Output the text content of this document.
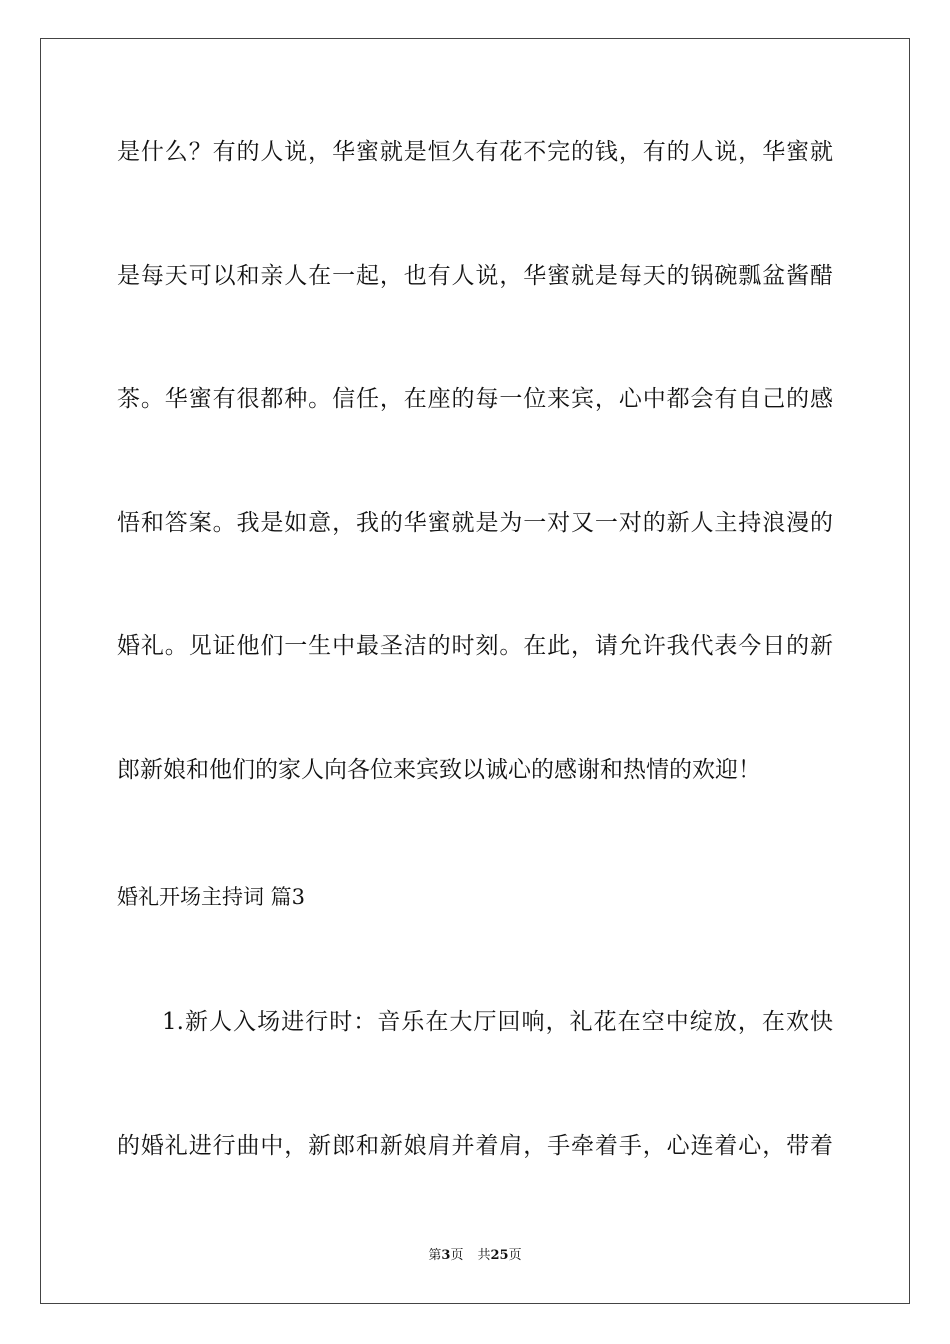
是什么？有的人说，华蜜就是恒久有花不完的钱，有的人说，华蜜就
是每天可以和亲人在一起，也有人说，华蜜就是每天的锅碗瓢盆酱醋
茶。华蜜有很都种。信任，在座的每一位来宾，心中都会有自己的感
悟和答案。我是如意，我的华蜜就是为一对又一对的新人主持浪漫的
婚礼。见证他们一生中最圣洁的时刻。在此，请允许我代表今日的新
郎新娘和他们的家人向各位来宾致以诚心的感谢和热情的欢迎！
婚礼开场主持词 篇3
1.新人入场进行时：音乐在大厅回响，礼花在空中绽放，在欢快
的婚礼进行曲中，新郎和新娘肩并着肩，手牵着手，心连着心，带着
第3页 共25页
